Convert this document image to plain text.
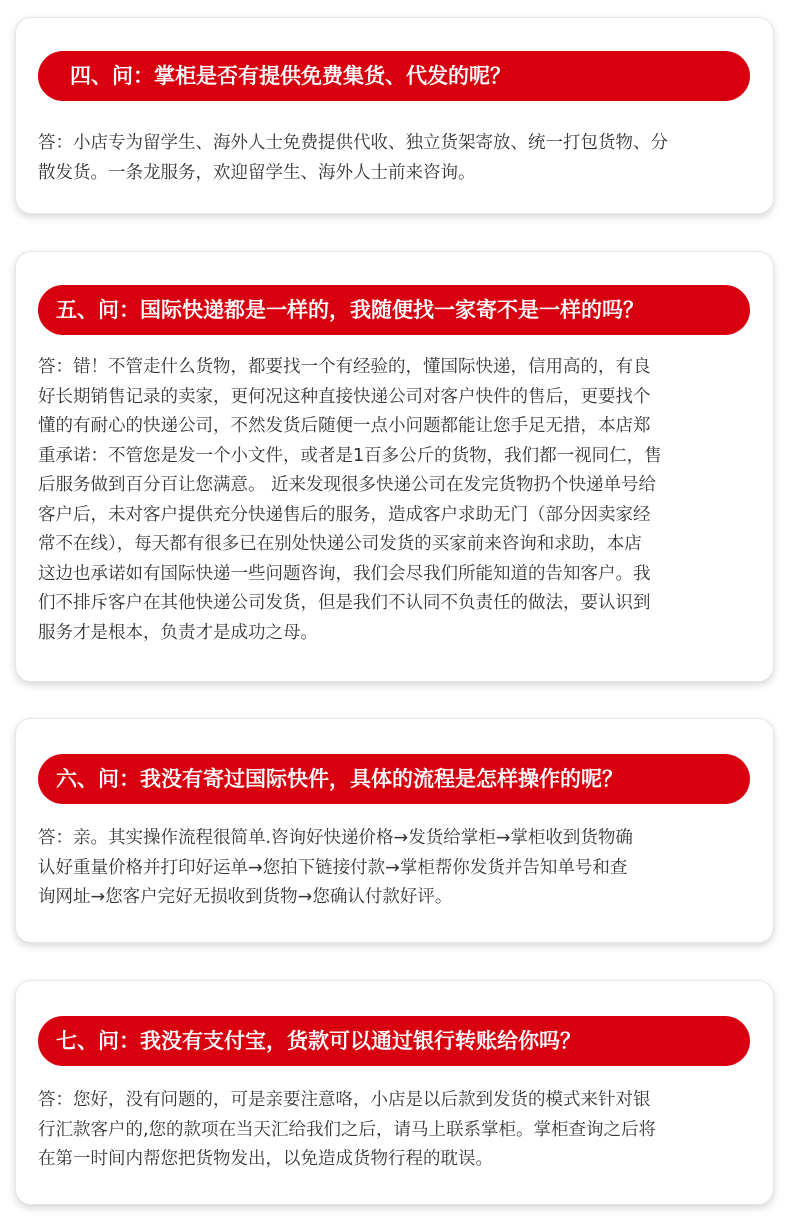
四、问：掌柜是否有提供免费集货、代发的呢？

答：小店专为留学生、海外人士免费提供代收、独立货架寄放、统一打包货物、分
散发货。一条龙服务，欢迎留学生、海外人士前来咨询。

五、问：国际快递都是一样的，我随便找一家寄不是一样的吗？

答：错！不管走什么货物，都要找一个有经验的，懂国际快递，信用高的，有良
好长期销售记录的卖家，更何况这种直接快递公司对客户快件的售后，更要找个
懂的有耐心的快递公司，不然发货后随便一点小问题都能让您手足无措，本店郑
重承诺：不管您是发一个小文件，或者是1百多公斤的货物，我们都一视同仁，售
后服务做到百分百让您满意。 近来发现很多快递公司在发完货物扔个快递单号给
客户后，未对客户提供充分快递售后的服务，造成客户求助无门（部分因卖家经
常不在线），每天都有很多已在别处快递公司发货的买家前来咨询和求助，本店
这边也承诺如有国际快递一些问题咨询，我们会尽我们所能知道的告知客户。我
们不排斥客户在其他快递公司发货，但是我们不认同不负责任的做法，要认识到
服务才是根本，负责才是成功之母。

六、问：我没有寄过国际快件，具体的流程是怎样操作的呢？

答：亲。其实操作流程很简单.咨询好快递价格→发货给掌柜→掌柜收到货物确
认好重量价格并打印好运单→您拍下链接付款→掌柜帮你发货并告知单号和查
询网址→您客户完好无损收到货物→您确认付款好评。

七、问：我没有支付宝，货款可以通过银行转账给你吗？

答：您好，没有问题的，可是亲要注意咯，小店是以后款到发货的模式来针对银
行汇款客户的,您的款项在当天汇给我们之后，请马上联系掌柜。掌柜查询之后将
在第一时间内帮您把货物发出，以免造成货物行程的耽误。
